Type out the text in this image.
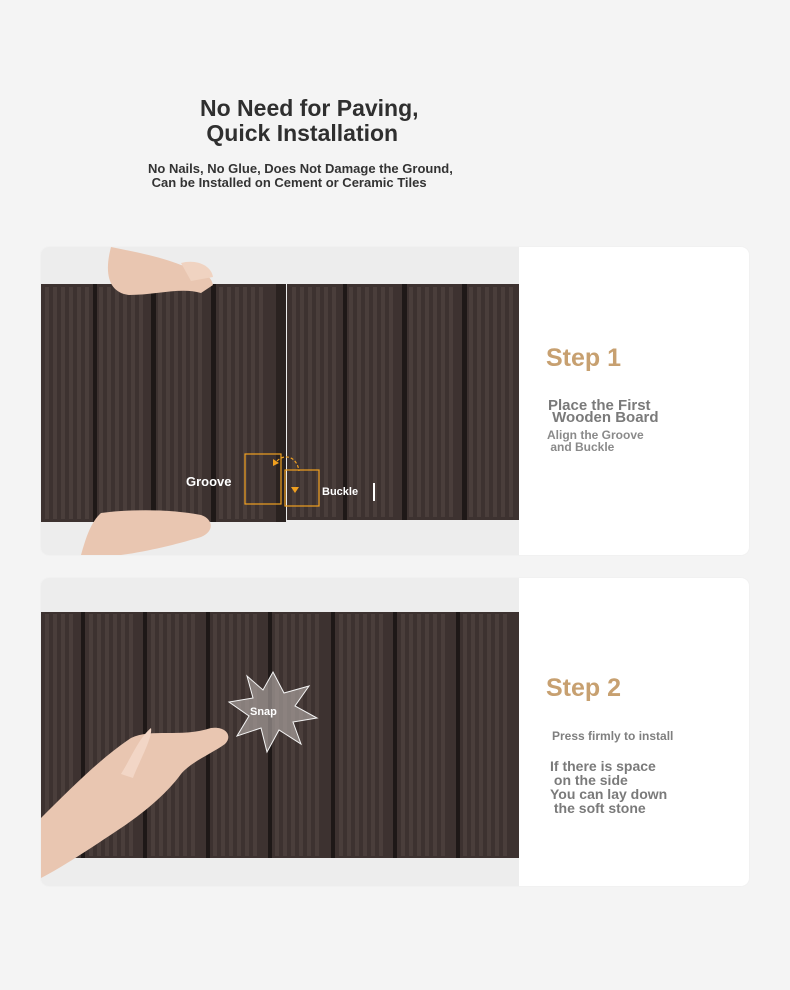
No Need for Paving,
Quick Installation
No Nails, No Glue, Does Not Damage the Ground,
Can be Installed on Cement or Ceramic Tiles
Groove
Buckle
Step 1
Place the First
Wooden Board
Align the Groove
and Buckle
Snap
Step 2
Press firmly to install
If there is space
on the side
You can lay down
the soft stone
